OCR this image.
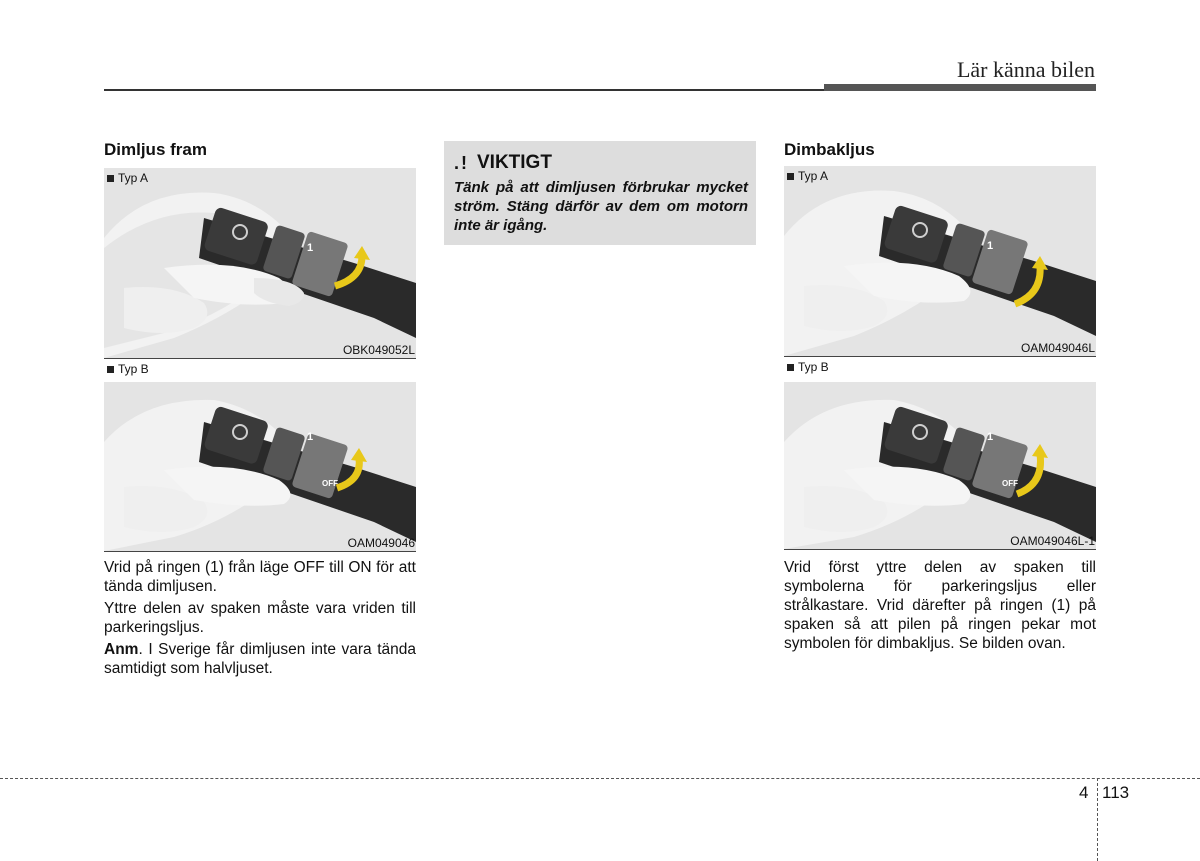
Lär känna bilen
Dimljus fram
1
Typ A
OBK049052L
1
OFF
Typ B
OAM049046
Vrid på ringen (1) från läge OFF till ON för att tända dimljusen.
Yttre delen av spaken måste vara vriden till parkeringsljus.
Anm. I Sverige får dimljusen inte vara tända samtidigt som halvljuset.
.! VIKTIGT
Tänk på att dimljusen förbrukar mycket ström. Stäng därför av dem om motorn inte är igång.
Dimbakljus
1
Typ A
OAM049046L
1
OFF
Typ B
OAM049046L-1
Vrid först yttre delen av spaken till symbolerna för parkeringsljus eller strålkastare. Vrid därefter på ringen (1) på spaken så att pilen på ringen pekar mot symbolen för dimbakljus. Se bilden ovan.
4 113
